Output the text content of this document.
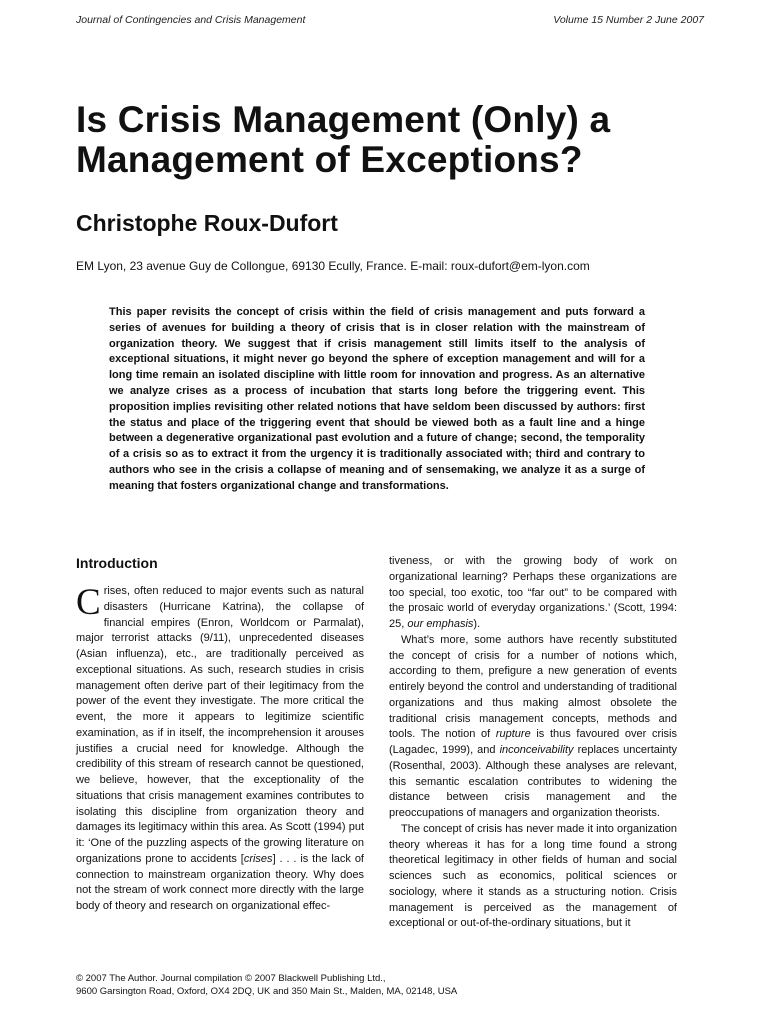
Journal of Contingencies and Crisis Management	Volume 15 Number 2 June 2007
Is Crisis Management (Only) a Management of Exceptions?
Christophe Roux-Dufort
EM Lyon, 23 avenue Guy de Collongue, 69130 Ecully, France. E-mail: roux-dufort@em-lyon.com

This paper revisits the concept of crisis within the field of crisis management and puts forward a series of avenues for building a theory of crisis that is in closer relation with the mainstream of organization theory. We suggest that if crisis management still limits itself to the analysis of exceptional situations, it might never go beyond the sphere of exception management and will for a long time remain an isolated discipline with little room for innovation and progress. As an alternative we analyze crises as a process of incubation that starts long before the triggering event. This proposition implies revisiting other related notions that have seldom been discussed by authors: first the status and place of the triggering event that should be viewed both as a fault line and a hinge between a degenerative organizational past evolution and a future of change; second, the temporality of a crisis so as to extract it from the urgency it is traditionally associated with; third and contrary to authors who see in the crisis a collapse of meaning and of sensemaking, we analyze it as a surge of meaning that fosters organizational change and transformations.

Introduction

Crises, often reduced to major events such as natural disasters (Hurricane Katrina), the collapse of financial empires (Enron, Worldcom or Parmalat), major terrorist attacks (9/11), unprecedented diseases (Asian influenza), etc., are traditionally perceived as exceptional situations. As such, research studies in crisis management often derive part of their legitimacy from the power of the event they investigate. The more critical the event, the more it appears to legitimize scientific examination, as if in itself, the incomprehension it arouses justifies a crucial need for knowledge. Although the credibility of this stream of research cannot be questioned, we believe, however, that the exceptionality of the situations that crisis management examines contributes to isolating this discipline from organization theory and damages its legitimacy within this area. As Scott (1994) put it: ‘One of the puzzling aspects of the growing literature on organizations prone to accidents [crises] . . . is the lack of connection to mainstream organization theory. Why does not the stream of work connect more directly with the large body of theory and research on organizational effec-

tiveness, or with the growing body of work on organizational learning? Perhaps these organizations are too special, too exotic, too “far out” to be compared with the prosaic world of everyday organizations.’ (Scott, 1994: 25, our emphasis).

What’s more, some authors have recently substituted the concept of crisis for a number of notions which, according to them, prefigure a new generation of events entirely beyond the control and understanding of traditional organizations and thus making almost obsolete the traditional crisis management concepts, methods and tools. The notion of rupture is thus favoured over crisis (Lagadec, 1999), and inconceivability replaces uncertainty (Rosenthal, 2003). Although these analyses are relevant, this semantic escalation contributes to widening the distance between crisis management and the preoccupations of managers and organization theorists.

The concept of crisis has never made it into organization theory whereas it has for a long time found a strong theoretical legitimacy in other fields of human and social sciences such as economics, political sciences or sociology, where it stands as a structuring notion. Crisis management is perceived as the management of exceptional or out-of-the-ordinary situations, but it

© 2007 The Author. Journal compilation © 2007 Blackwell Publishing Ltd.,
9600 Garsington Road, Oxford, OX4 2DQ, UK and 350 Main St., Malden, MA, 02148, USA
